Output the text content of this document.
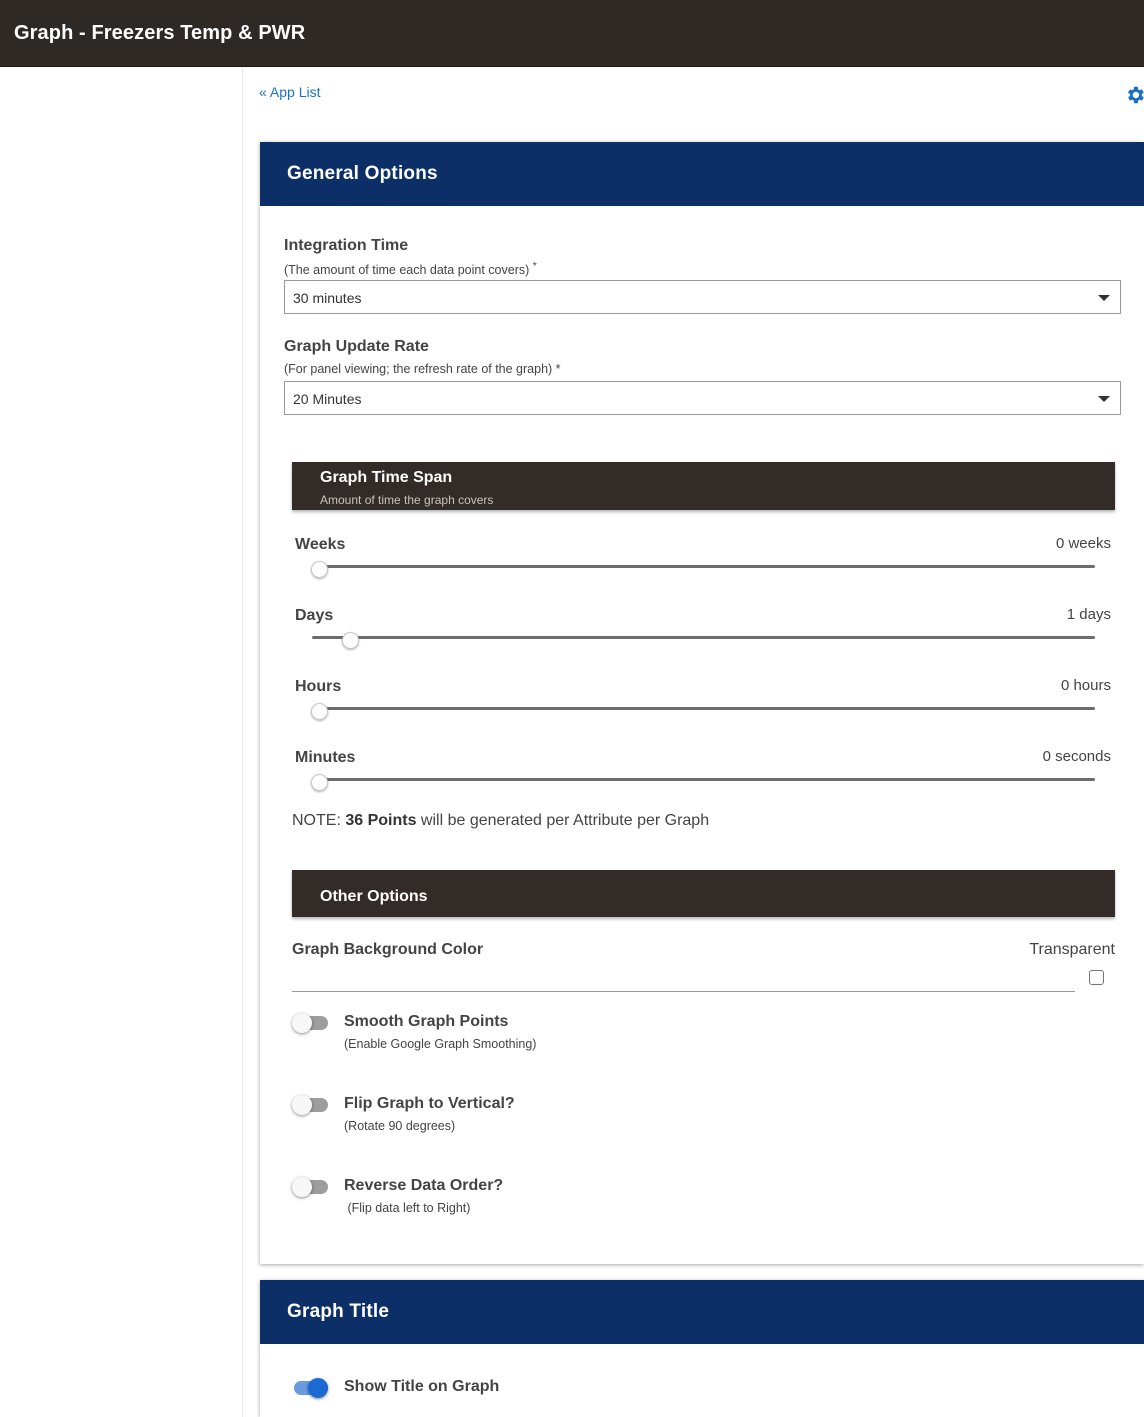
Graph - Freezers Temp & PWR
« App List
General Options
Integration Time
(The amount of time each data point covers) *
30 minutes
Graph Update Rate
(For panel viewing; the refresh rate of the graph) *
20 Minutes
Graph Time Span
Amount of time the graph covers
Weeks	0 weeks
Days	1 days
Hours	0 hours
Minutes	0 seconds
NOTE: 36 Points will be generated per Attribute per Graph
Other Options
Graph Background Color	Transparent
Smooth Graph Points
(Enable Google Graph Smoothing)
Flip Graph to Vertical?
(Rotate 90 degrees)
Reverse Data Order?
(Flip data left to Right)
Graph Title
Show Title on Graph
